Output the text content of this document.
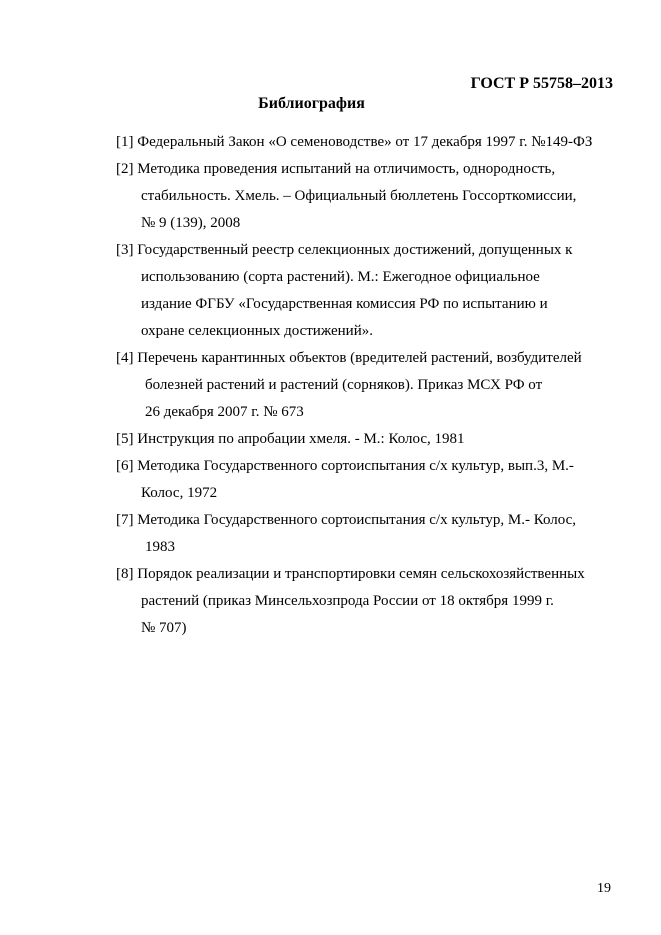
ГОСТ Р 55758–2013
Библиография
[1] Федеральный Закон «О семеноводстве» от 17 декабря 1997 г. №149-ФЗ
[2] Методика проведения испытаний на отличимость, однородность,
стабильность. Хмель. – Официальный бюллетень Госсорткомиссии,
№ 9 (139), 2008
[3] Государственный реестр селекционных достижений, допущенных к
использованию (сорта растений). М.: Ежегодное официальное
издание ФГБУ «Государственная комиссия РФ по испытанию и
охране селекционных достижений».
[4] Перечень карантинных объектов (вредителей растений, возбудителей
болезней растений и растений (сорняков). Приказ МСХ РФ от
26 декабря 2007 г. № 673
[5] Инструкция по апробации хмеля. - М.: Колос, 1981
[6] Методика Государственного сортоиспытания с/х культур, вып.3, М.-
Колос, 1972
[7] Методика Государственного сортоиспытания с/х культур, М.- Колос,
1983
[8] Порядок реализации и транспортировки семян сельскохозяйственных
растений (приказ Минсельхозпрода России от 18 октября 1999 г.
№ 707)
19
